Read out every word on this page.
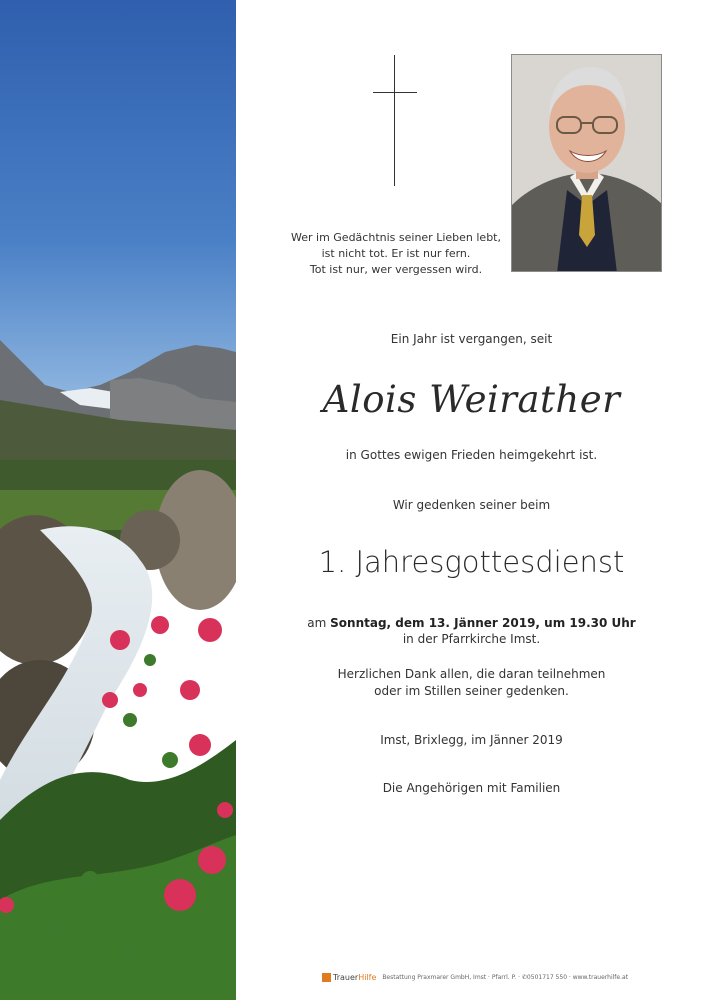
Wer im Gedächtnis seiner Lieben lebt,
ist nicht tot. Er ist nur fern.
Tot ist nur, wer vergessen wird.
Ein Jahr ist vergangen, seit
Alois Weirather
in Gottes ewigen Frieden heimgekehrt ist.
Wir gedenken seiner beim
1. Jahresgottesdienst
am Sonntag, dem 13. Jänner 2019, um 19.30 Uhr
in der Pfarrkirche Imst.
Herzlichen Dank allen, die daran teilnehmen
oder im Stillen seiner gedenken.
Imst, Brixlegg, im Jänner 2019
Die Angehörigen mit Familien
TrauerHilfe Bestattung Praxmarer GmbH, Imst · Pfarrl. P. · ✆0501717 550 · www.trauerhilfe.at
